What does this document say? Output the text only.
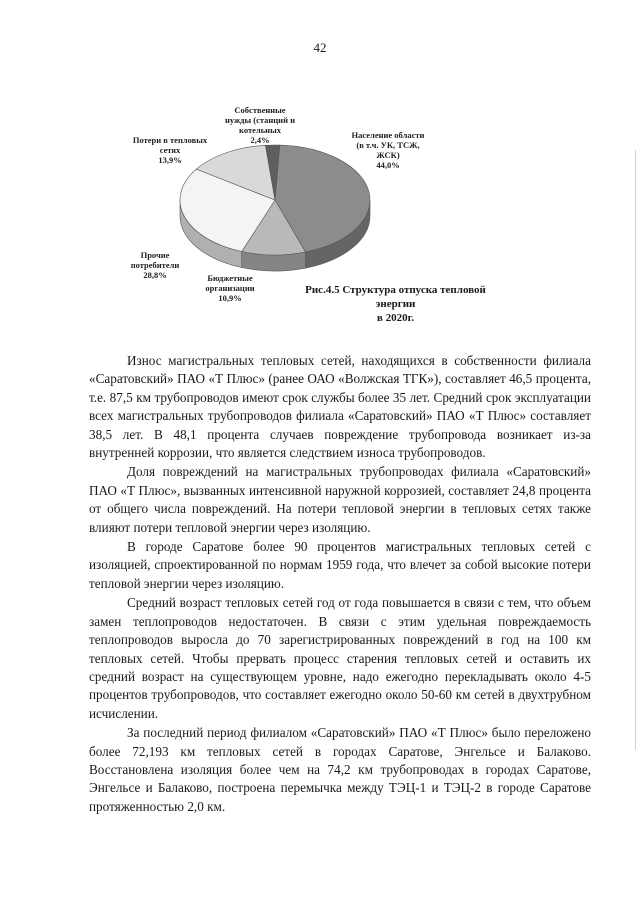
42
Население области
(в т.ч. УК, ТСЖ,
ЖСК)
44,0%
Собственные
нужды (станций и
котельных
2,4%
Потери в тепловых
сетях
13,9%
Прочие
потребители
28,8%	Бюджетные
организации
10,9%
Рис.4.5 Структура отпуска тепловой энергии
в 2020г.

Износ магистральных тепловых сетей, находящихся в собственности филиала «Саратовский» ПАО «Т Плюс» (ранее ОАО «Волжская ТГК»), составляет 46,5 процента, т.е. 87,5 км трубопроводов имеют срок службы более 35 лет. Средний срок эксплуатации всех магистральных трубопроводов филиала «Саратовский» ПАО «Т Плюс» составляет 38,5 лет. В 48,1 процента случаев повреждение трубопровода возникает из-за внутренней коррозии, что является следствием износа трубопроводов.

Доля повреждений на магистральных трубопроводах филиала «Саратовский» ПАО «Т Плюс», вызванных интенсивной наружной коррозией, составляет 24,8 процента от общего числа повреждений. На потери тепловой энергии в тепловых сетях также влияют потери тепловой энергии через изоляцию.

В городе Саратове более 90 процентов магистральных тепловых сетей с изоляцией, спроектированной по нормам 1959 года, что влечет за собой высокие потери тепловой энергии через изоляцию.

Средний возраст тепловых сетей год от года повышается в связи с тем, что объем замен теплопроводов недостаточен. В связи с этим удельная повреждаемость теплопроводов выросла до 70 зарегистрированных повреждений в год на 100 км тепловых сетей. Чтобы прервать процесс старения тепловых сетей и оставить их средний возраст на существующем уровне, надо ежегодно перекладывать около 4-5 процентов трубопроводов, что составляет ежегодно около 50-60 км сетей в двухтрубном исчислении.

За последний период филиалом «Саратовский» ПАО «Т Плюс» было переложено более 72,193 км тепловых сетей в городах Саратове, Энгельсе и Балаково. Восстановлена изоляция более чем на 74,2 км трубопроводах в городах Саратове, Энгельсе и Балаково, построена перемычка между ТЭЦ-1 и ТЭЦ-2 в городе Саратове протяженностью 2,0 км.
